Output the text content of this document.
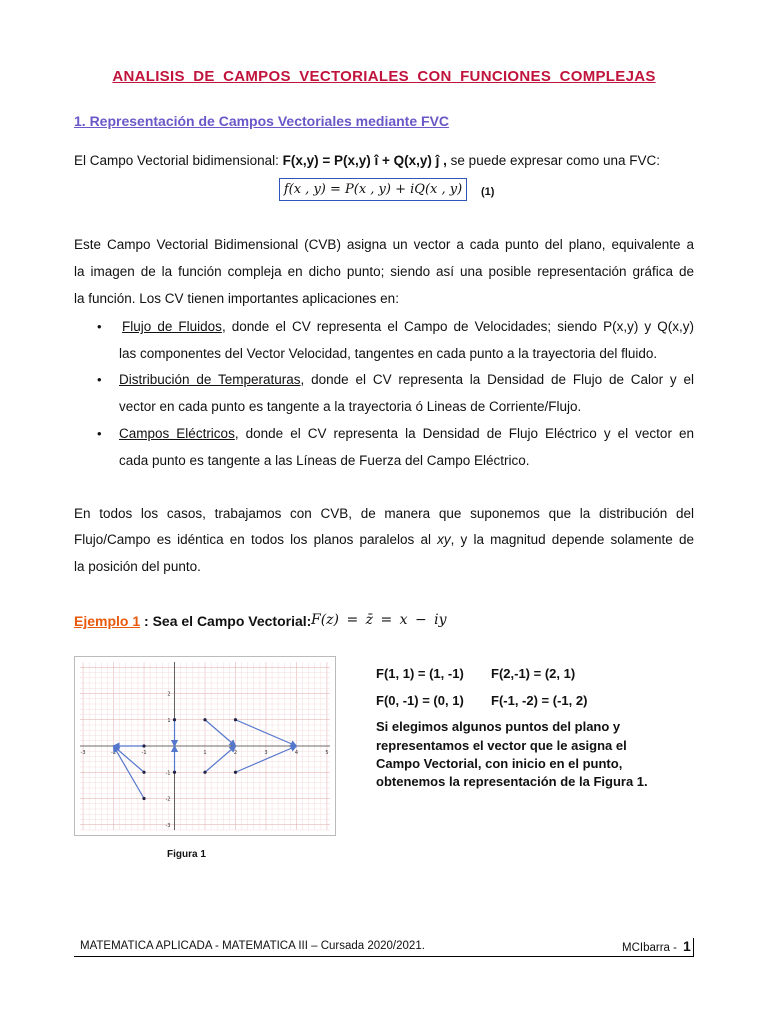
ANALISIS DE CAMPOS VECTORIALES CON FUNCIONES COMPLEJAS
1. Representación de Campos Vectoriales mediante FVC
El Campo Vectorial bidimensional: F(x,y) = P(x,y) î + Q(x,y) ĵ , se puede expresar como una FVC:
f(x , y) = P(x , y) + iQ(x , y)	(1)
Este Campo Vectorial Bidimensional (CVB) asigna un vector a cada punto del plano, equivalente a
la imagen de la función compleja en dicho punto; siendo así una posible representación gráfica de
la función. Los CV tienen importantes aplicaciones en:
• Flujo de Fluidos, donde el CV representa el Campo de Velocidades; siendo P(x,y) y Q(x,y)
las componentes del Vector Velocidad, tangentes en cada punto a la trayectoria del fluido.
• Distribución de Temperaturas, donde el CV representa la Densidad de Flujo de Calor y el
vector en cada punto es tangente a la trayectoria ó Lineas de Corriente/Flujo.
• Campos Eléctricos, donde el CV representa la Densidad de Flujo Eléctrico y el vector en
cada punto es tangente a las Líneas de Fuerza del Campo Eléctrico.
En todos los casos, trabajamos con CVB, de manera que suponemos que la distribución del
Flujo/Campo es idéntica en todos los planos paralelos al xy, y la magnitud depende solamente de
la posición del punto.
Ejemplo 1 : Sea el Campo Vectorial: F(z) = z̄ = x − iy
-3	-2	-1	1	2	3	4	5
-3
-2
-1
1
2
Figura 1
F(1, 1) = (1, -1) F(2,-1) = (2, 1)
F(0, -1) = (0, 1) F(-1, -2) = (-1, 2)
Si elegimos algunos puntos del plano y
representamos el vector que le asigna el
Campo Vectorial, con inicio en el punto,
obtenemos la representación de la Figura 1.
MATEMATICA APLICADA - MATEMATICA III – Cursada 2020/2021.	MCIbarra - 1
